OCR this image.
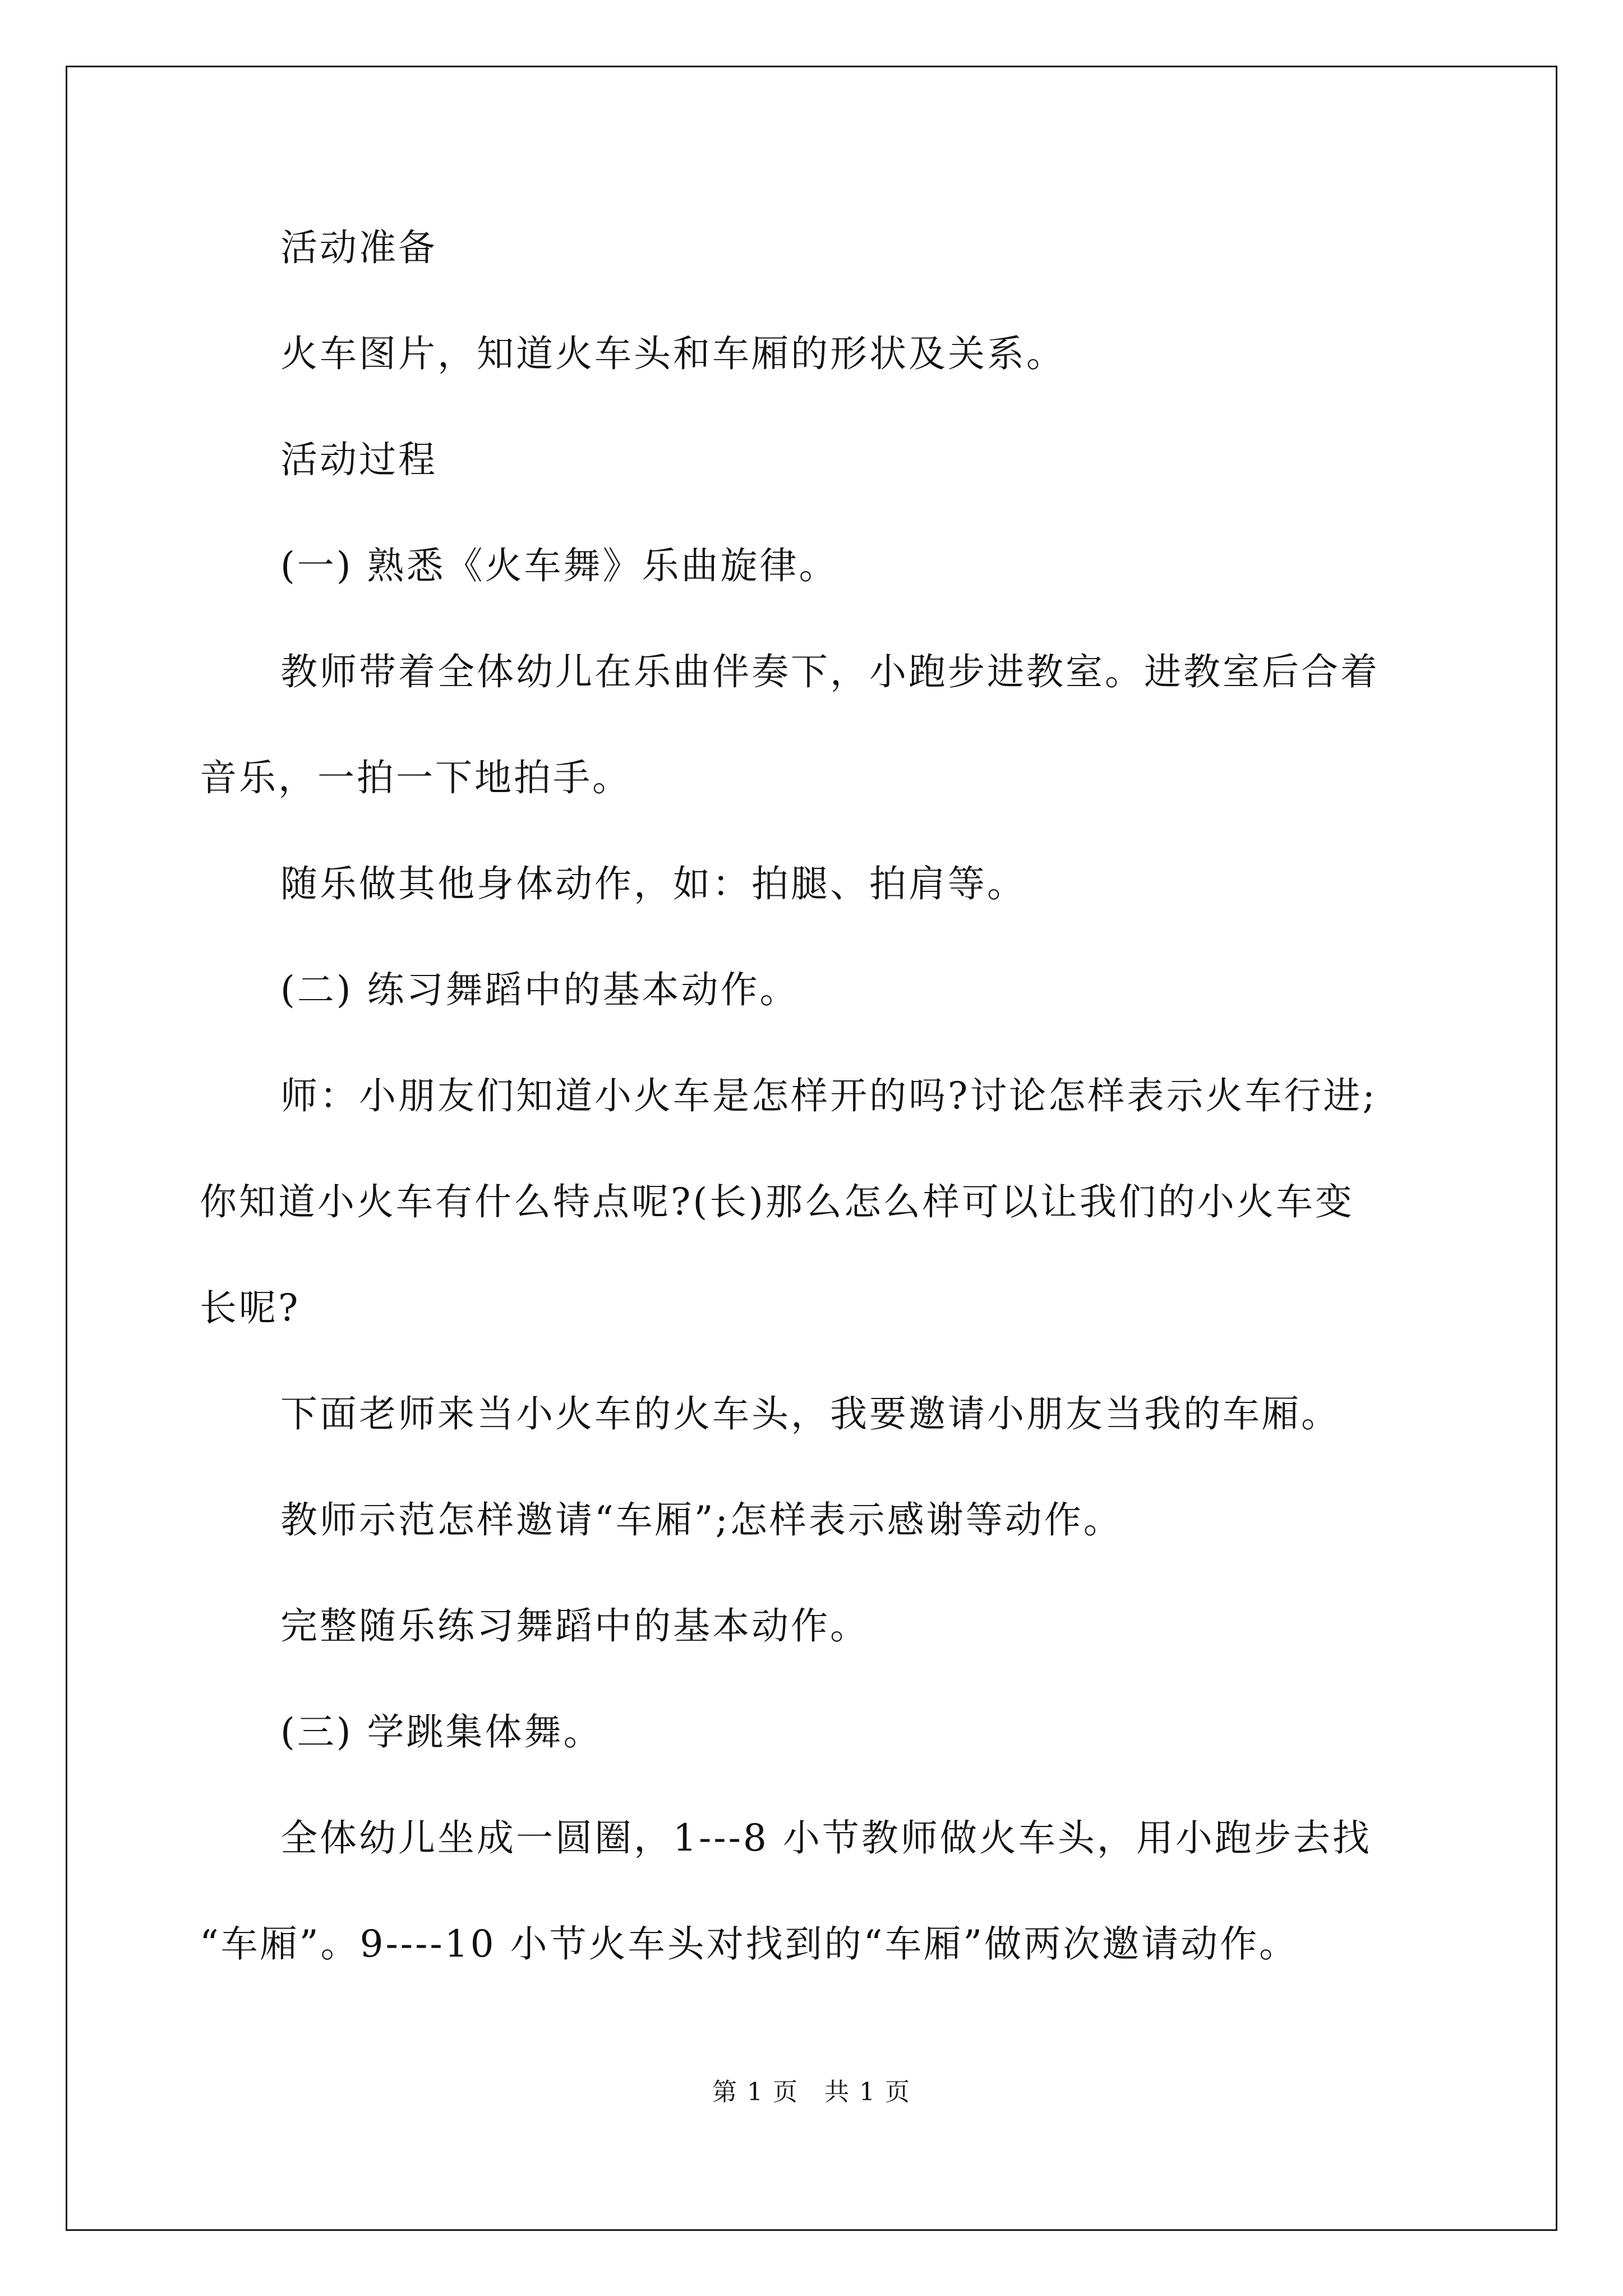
活动准备

火车图片，知道火车头和车厢的形状及关系。

活动过程

(一) 熟悉《火车舞》乐曲旋律。

教师带着全体幼儿在乐曲伴奏下，小跑步进教室。进教室后合着

音乐，一拍一下地拍手。

随乐做其他身体动作，如：拍腿、拍肩等。

(二) 练习舞蹈中的基本动作。

师：小朋友们知道小火车是怎样开的吗?讨论怎样表示火车行进;

你知道小火车有什么特点呢?(长)那么怎么样可以让我们的小火车变

长呢?

下面老师来当小火车的火车头，我要邀请小朋友当我的车厢。

教师示范怎样邀请“车厢”;怎样表示感谢等动作。

完整随乐练习舞蹈中的基本动作。

(三) 学跳集体舞。

全体幼儿坐成一圆圈，1---8 小节教师做火车头，用小跑步去找

“车厢”。9----10 小节火车头对找到的“车厢”做两次邀请动作。

第 1 页　共 1 页
